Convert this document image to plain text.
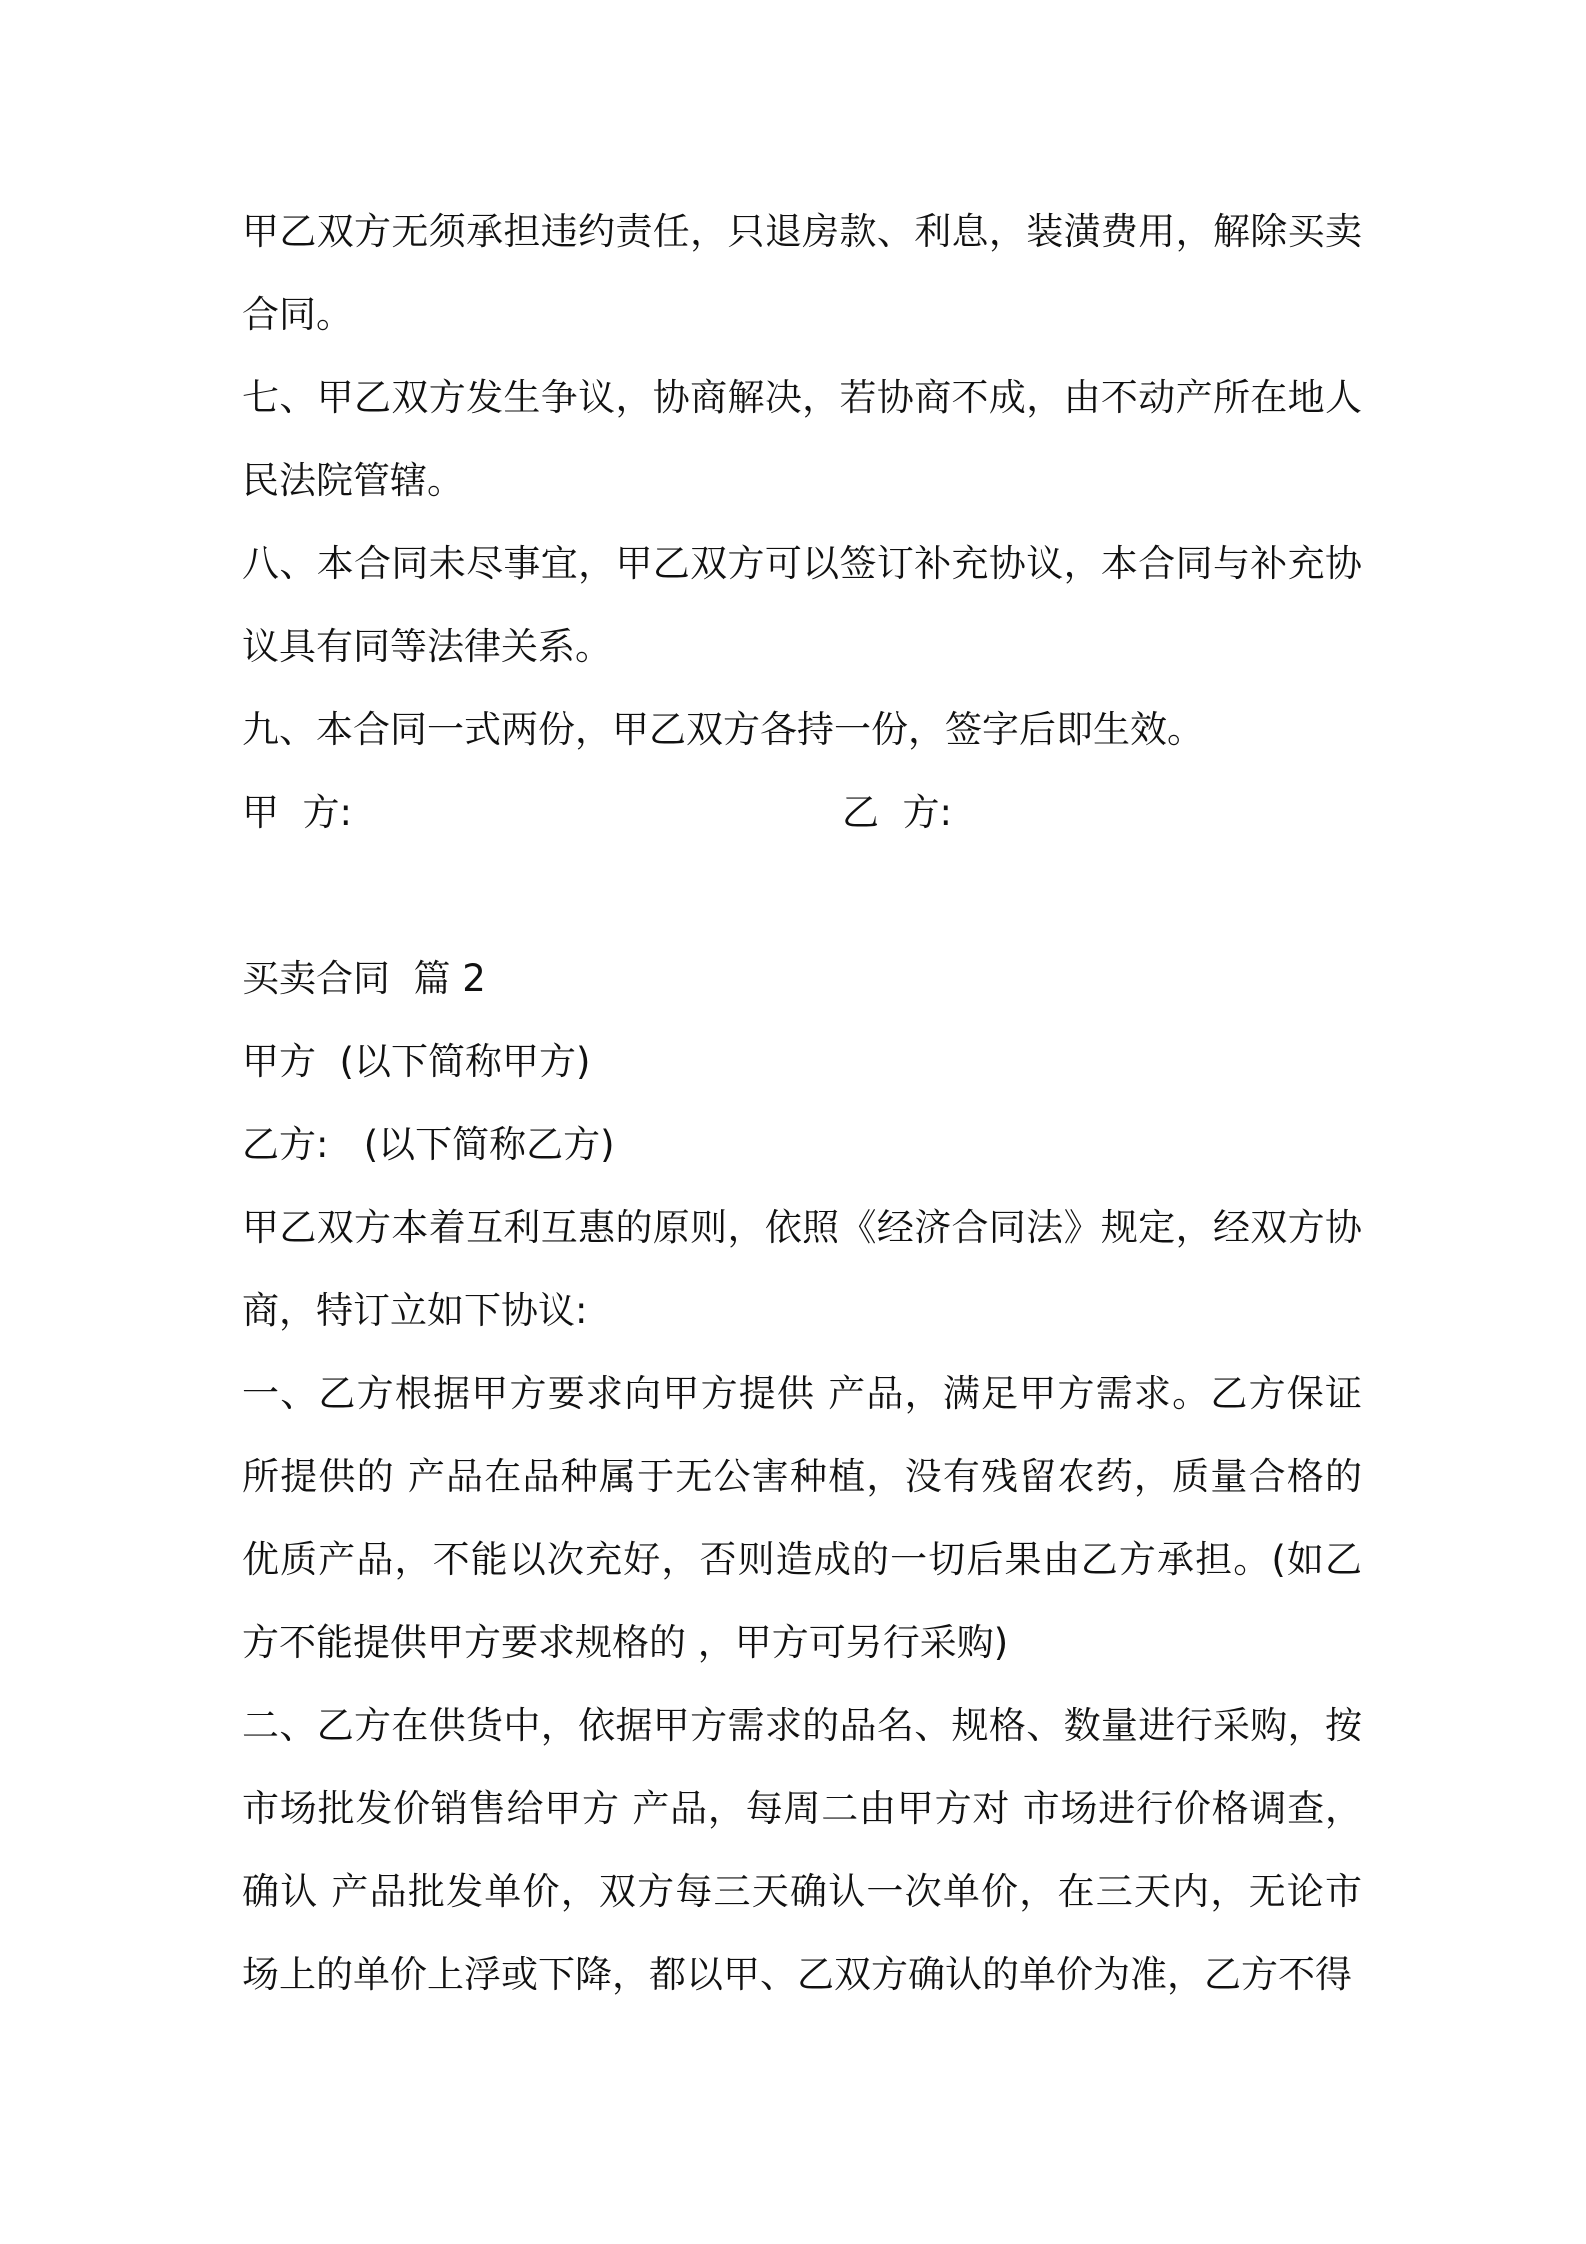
甲乙双方无须承担违约责任，只退房款、利息，装潢费用，解除买卖合同。

七、甲乙双方发生争议，协商解决，若协商不成，由不动产所在地人民法院管辖。

八、本合同未尽事宜，甲乙双方可以签订补充协议，本合同与补充协议具有同等法律关系。

九、本合同一式两份，甲乙双方各持一份，签字后即生效。

甲  方:	乙  方:

买卖合同  篇 2

甲方  (以下简称甲方)

乙方:   (以下简称乙方)

甲乙双方本着互利互惠的原则，依照《经济合同法》规定，经双方协商，特订立如下协议:

一、乙方根据甲方要求向甲方提供 产品，满足甲方需求。乙方保证所提供的 产品在品种属于无公害种植，没有残留农药，质量合格的优质产品，不能以次充好，否则造成的一切后果由乙方承担。(如乙方不能提供甲方要求规格的 ，甲方可另行采购)

二、乙方在供货中，依据甲方需求的品名、规格、数量进行采购，按市场批发价销售给甲方 产品，每周二由甲方对 市场进行价格调查，确认 产品批发单价，双方每三天确认一次单价，在三天内，无论市场上的单价上浮或下降，都以甲、乙双方确认的单价为准，乙方不得
